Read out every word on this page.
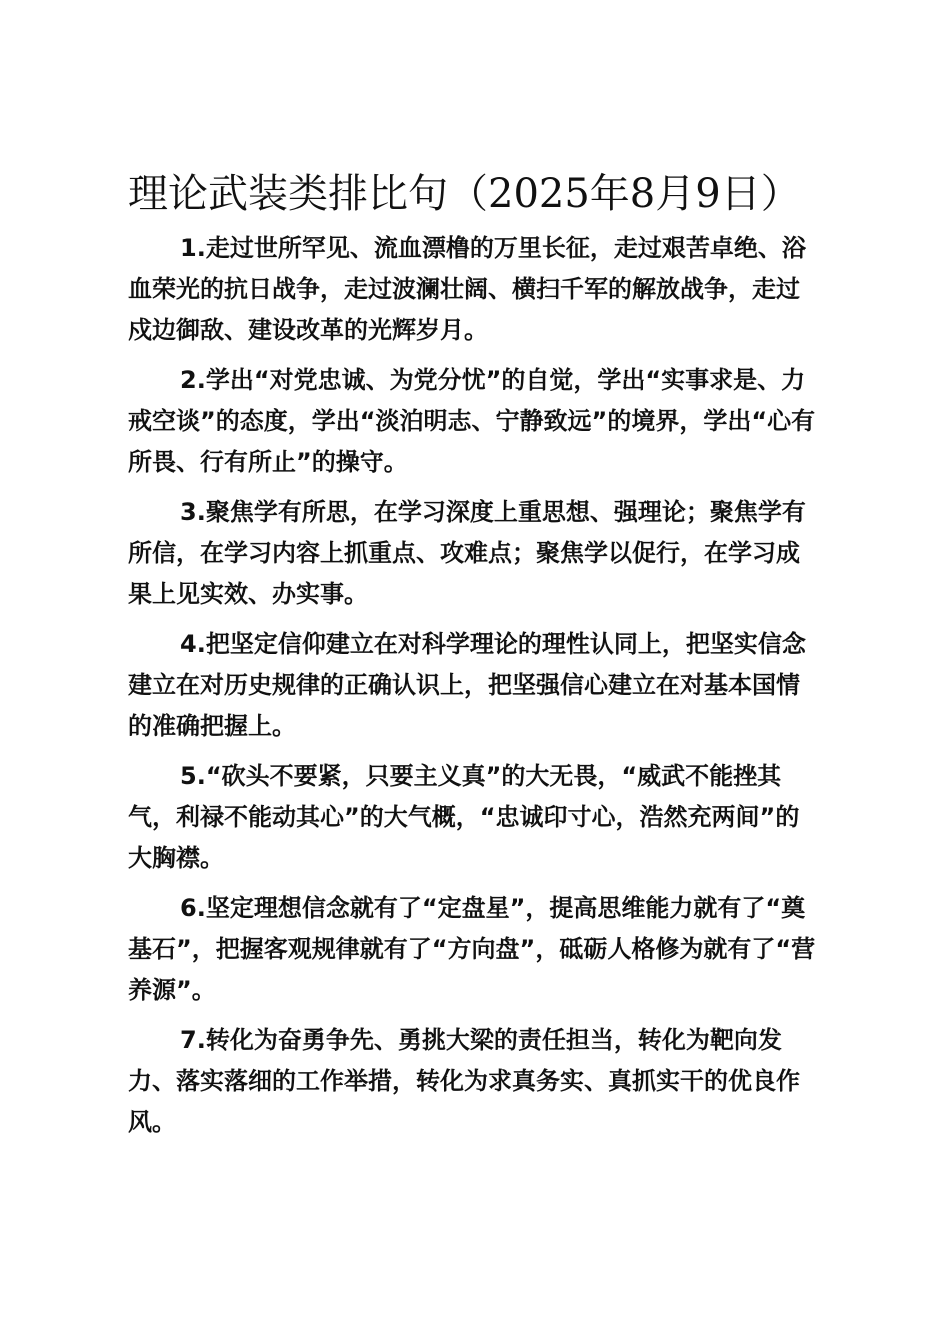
理论武装类排比句（2025年8月9日）

1.走过世所罕见、流血漂橹的万里长征，走过艰苦卓绝、浴血荣光的抗日战争，走过波澜壮阔、横扫千军的解放战争，走过戍边御敌、建设改革的光辉岁月。

2.学出“对党忠诚、为党分忧”的自觉，学出“实事求是、力戒空谈”的态度，学出“淡泊明志、宁静致远”的境界，学出“心有所畏、行有所止”的操守。

3.聚焦学有所思，在学习深度上重思想、强理论；聚焦学有所信，在学习内容上抓重点、攻难点；聚焦学以促行，在学习成果上见实效、办实事。

4.把坚定信仰建立在对科学理论的理性认同上，把坚实信念建立在对历史规律的正确认识上，把坚强信心建立在对基本国情的准确把握上。

5.“砍头不要紧，只要主义真”的大无畏，“威武不能挫其气，利禄不能动其心”的大气概，“忠诚印寸心，浩然充两间”的大胸襟。

6.坚定理想信念就有了“定盘星”，提高思维能力就有了“奠基石”，把握客观规律就有了“方向盘”，砥砺人格修为就有了“营养源”。

7.转化为奋勇争先、勇挑大梁的责任担当，转化为靶向发力、落实落细的工作举措，转化为求真务实、真抓实干的优良作风。
